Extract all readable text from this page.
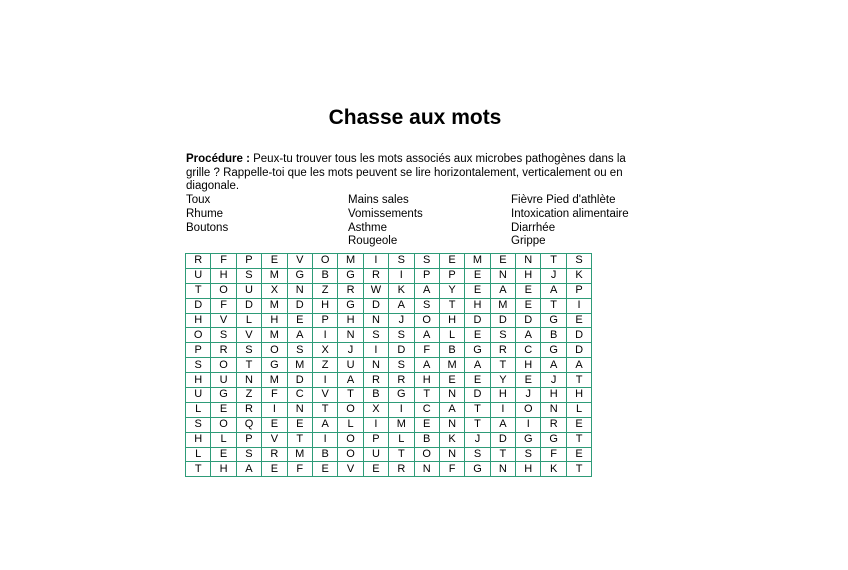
Chasse aux mots
Procédure : Peux-tu trouver tous les mots associés aux microbes pathogènes dans la grille ? Rappelle-toi que les mots peuvent se lire horizontalement, verticalement ou en diagonale.
Toux
Rhume
Boutons
Mains sales
Vomissements
Asthme
Rougeole
Fièvre Pied d'athlète
Intoxication alimentaire
Diarrhée
Grippe
R	F	P	E	V	O	M	I	S	S	E	M	E	N	T	S
U	H	S	M	G	B	G	R	I	P	P	E	N	H	J	K
T	O	U	X	N	Z	R	W	K	A	Y	E	A	E	A	P
D	F	D	M	D	H	G	D	A	S	T	H	M	E	T	I
H	V	L	H	E	P	H	N	J	O	H	D	D	D	G	E
O	S	V	M	A	I	N	S	S	A	L	E	S	A	B	D
P	R	S	O	S	X	J	I	D	F	B	G	R	C	G	D
S	O	T	G	M	Z	U	N	S	A	M	A	T	H	A	A
H	U	N	M	D	I	A	R	R	H	E	E	Y	E	J	T
U	G	Z	F	C	V	T	B	G	T	N	D	H	J	H	H
L	E	R	I	N	T	O	X	I	C	A	T	I	O	N	L
S	O	Q	E	E	A	L	I	M	E	N	T	A	I	R	E
H	L	P	V	T	I	O	P	L	B	K	J	D	G	G	T
L	E	S	R	M	B	O	U	T	O	N	S	T	S	F	E
T	H	A	E	F	E	V	E	R	N	F	G	N	H	K	T
